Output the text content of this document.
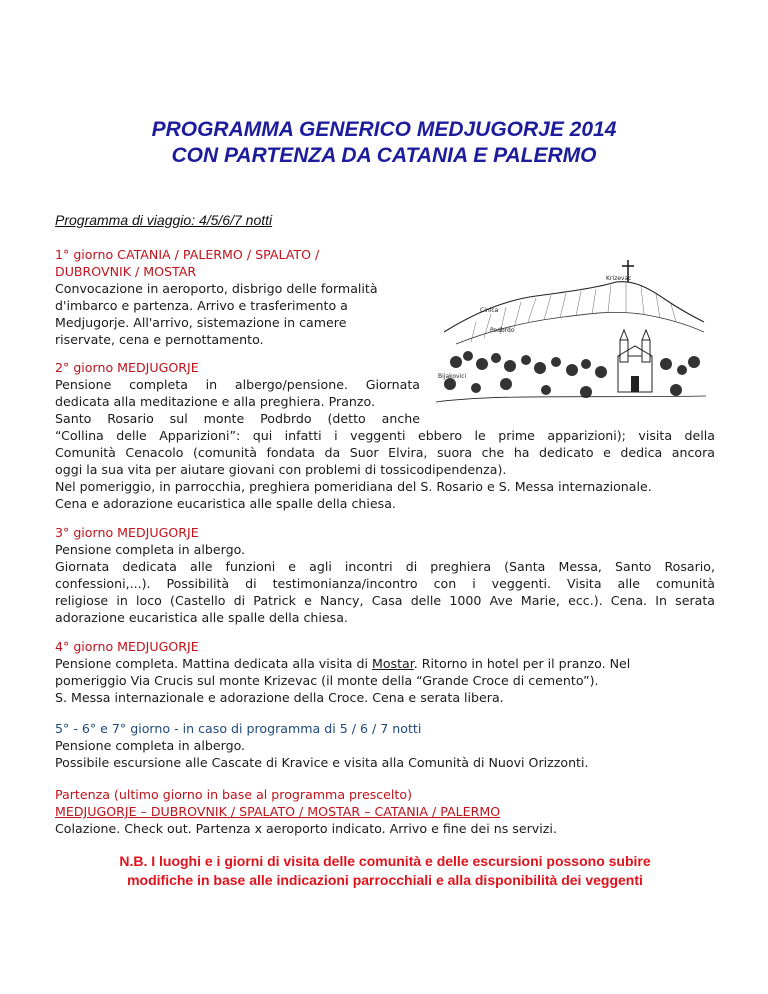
PROGRAMMA GENERICO MEDJUGORJE 2014
CON PARTENZA DA CATANIA E PALERMO
Programma di viaggio: 4/5/6/7 notti
1° giorno CATANIA / PALERMO / SPALATO /
DUBROVNIK / MOSTAR
Convocazione in aeroporto, disbrigo delle formalità
d'imbarco e partenza. Arrivo e trasferimento a
Medjugorje. All'arrivo, sistemazione in camere
riservate, cena e pernottamento.
Krizevac
Cinica
Podbrdo
Bijakovici
2° giorno MEDJUGORJE
Pensione completa in albergo/pensione. Giornata
dedicata alla meditazione e alla preghiera. Pranzo.
Santo Rosario sul monte Podbrdo (detto anche
“Collina delle Apparizioni”: qui infatti i veggenti ebbero le prime apparizioni); visita della
Comunità Cenacolo (comunità fondata da Suor Elvira, suora che ha dedicato e dedica ancora
oggi la sua vita per aiutare giovani con problemi di tossicodipendenza).
Nel pomeriggio, in parrocchia, preghiera pomeridiana del S. Rosario e S. Messa internazionale.
Cena e adorazione eucaristica alle spalle della chiesa.
3° giorno MEDJUGORJE
Pensione completa in albergo.
Giornata dedicata alle funzioni e agli incontri di preghiera (Santa Messa, Santo Rosario,
confessioni,...). Possibilità di testimonianza/incontro con i veggenti. Visita alle comunità
religiose in loco (Castello di Patrick e Nancy, Casa delle 1000 Ave Marie, ecc.). Cena. In serata
adorazione eucaristica alle spalle della chiesa.
4° giorno MEDJUGORJE
Pensione completa. Mattina dedicata alla visita di Mostar. Ritorno in hotel per il pranzo. Nel
pomeriggio Via Crucis sul monte Krizevac (il monte della “Grande Croce di cemento”).
S. Messa internazionale e adorazione della Croce. Cena e serata libera.
5° - 6° e 7° giorno - in caso di programma di 5 / 6 / 7 notti
Pensione completa in albergo.
Possibile escursione alle Cascate di Kravice e visita alla Comunità di Nuovi Orizzonti.
Partenza (ultimo giorno in base al programma prescelto)
MEDJUGORJE – DUBROVNIK / SPALATO / MOSTAR – CATANIA / PALERMO
Colazione. Check out. Partenza x aeroporto indicato. Arrivo e fine dei ns servizi.
N.B. I luoghi e i giorni di visita delle comunità e delle escursioni possono subire
modifiche in base alle indicazioni parrocchiali e alla disponibilità dei veggenti
